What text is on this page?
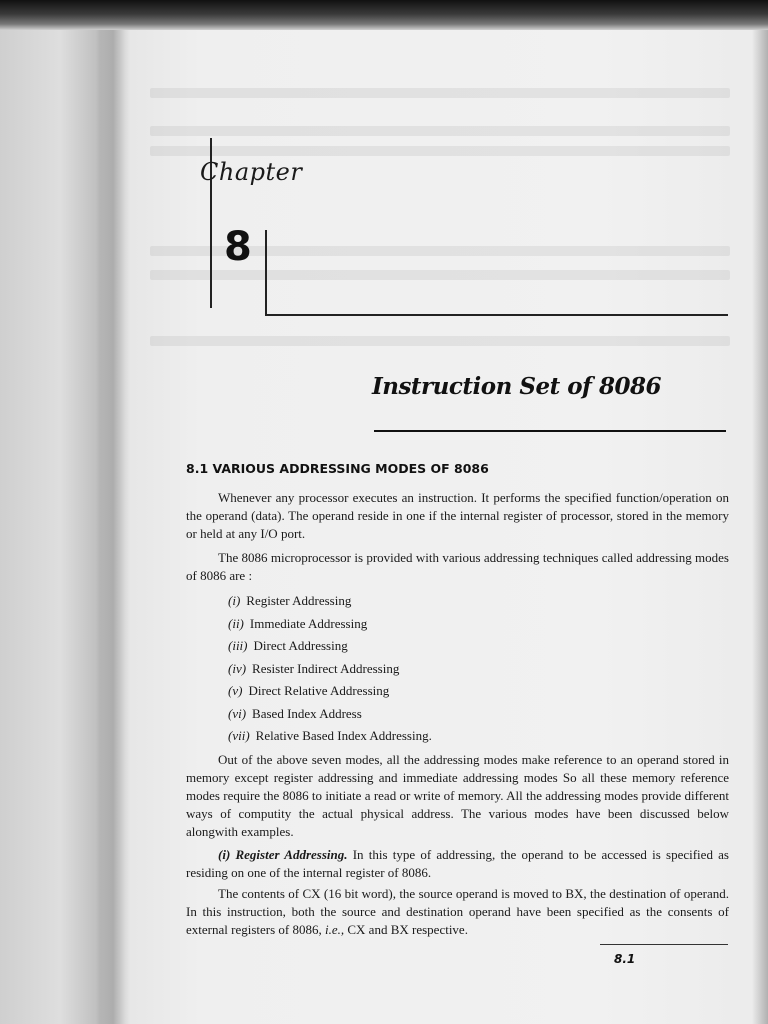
Chapter
8
Instruction Set of 8086
8.1 VARIOUS ADDRESSING MODES OF 8086

Whenever any processor executes an instruction. It performs the specified function/operation on the operand (data). The operand reside in one if the internal register of processor, stored in the memory or held at any I/O port.

The 8086 microprocessor is provided with various addressing techniques called addressing modes of 8086 are :

(i) Register Addressing
(ii) Immediate Addressing
(iii) Direct Addressing
(iv) Resister Indirect Addressing
(v) Direct Relative Addressing
(vi) Based Index Address
(vii) Relative Based Index Addressing.

Out of the above seven modes, all the addressing modes make reference to an operand stored in memory except register addressing and immediate addressing modes So all these memory reference modes require the 8086 to initiate a read or write of memory. All the addressing modes provide different ways of computity the actual physical address. The various modes have been discussed below alongwith examples.

(i) Register Addressing. In this type of addressing, the operand to be accessed is specified as residing on one of the internal register of 8086.

The contents of CX (16 bit word), the source operand is moved to BX, the destination of operand. In this instruction, both the source and destination operand have been specified as the consents of external registers of 8086, i.e., CX and BX respective.

8.1
